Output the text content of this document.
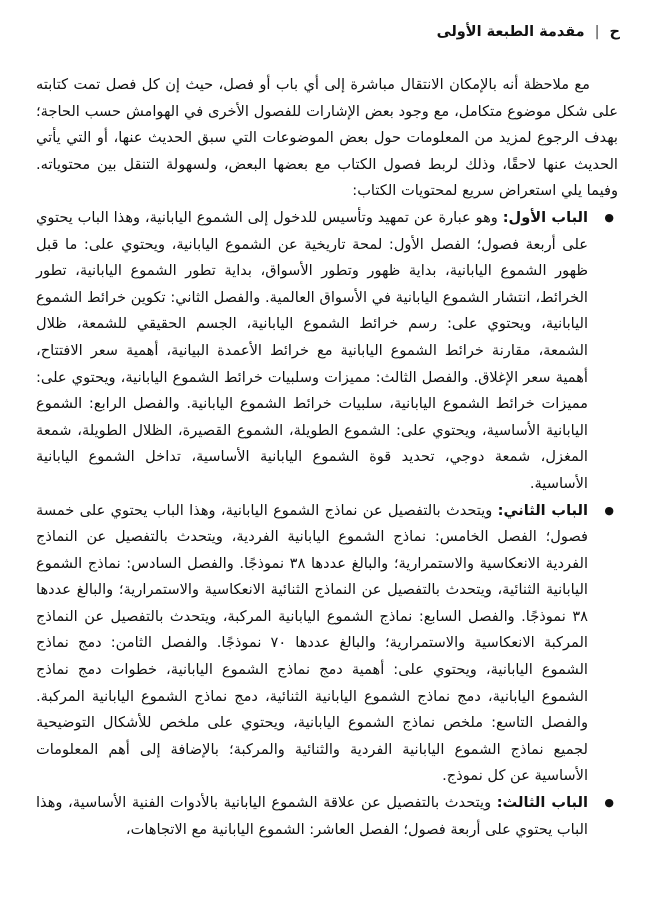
ح
|
مقدمة الطبعة الأولى

مع ملاحظة أنه بالإمكان الانتقال مباشرة إلى أي باب أو فصل، حيث إن كل فصل تمت كتابته على شكل موضوع متكامل، مع وجود بعض الإشارات للفصول الأخرى في الهوامش حسب الحاجة؛ بهدف الرجوع لمزيد من المعلومات حول بعض الموضوعات التي سبق الحديث عنها، أو التي يأتي الحديث عنها لاحقًا، وذلك لربط فصول الكتاب مع بعضها البعض، ولسهولة التنقل بين محتوياته. وفيما يلي استعراض سريع لمحتويات الكتاب:

● الباب الأول: وهو عبارة عن تمهيد وتأسيس للدخول إلى الشموع اليابانية، وهذا الباب يحتوي على أربعة فصول؛ الفصل الأول: لمحة تاريخية عن الشموع اليابانية، ويحتوي على: ما قبل ظهور الشموع اليابانية، بداية ظهور وتطور الأسواق، بداية تطور الشموع اليابانية، تطور الخرائط، انتشار الشموع اليابانية في الأسواق العالمية. والفصل الثاني: تكوين خرائط الشموع اليابانية، ويحتوي على: رسم خرائط الشموع اليابانية، الجسم الحقيقي للشمعة، ظلال الشمعة، مقارنة خرائط الشموع اليابانية مع خرائط الأعمدة البيانية، أهمية سعر الافتتاح، أهمية سعر الإغلاق. والفصل الثالث: مميزات وسلبيات خرائط الشموع اليابانية، ويحتوي على: مميزات خرائط الشموع اليابانية، سلبيات خرائط الشموع اليابانية. والفصل الرابع: الشموع اليابانية الأساسية، ويحتوي على: الشموع الطويلة، الشموع القصيرة، الظلال الطويلة، شمعة المغزل، شمعة دوجي، تحديد قوة الشموع اليابانية الأساسية، تداخل الشموع اليابانية الأساسية.
● الباب الثاني: ويتحدث بالتفصيل عن نماذج الشموع اليابانية، وهذا الباب يحتوي على خمسة فصول؛ الفصل الخامس: نماذج الشموع اليابانية الفردية، ويتحدث بالتفصيل عن النماذج الفردية الانعكاسية والاستمرارية؛ والبالغ عددها ٣٨ نموذجًا. والفصل السادس: نماذج الشموع اليابانية الثنائية، ويتحدث بالتفصيل عن النماذج الثنائية الانعكاسية والاستمرارية؛ والبالغ عددها ٣٨ نموذجًا. والفصل السابع: نماذج الشموع اليابانية المركبة، ويتحدث بالتفصيل عن النماذج المركبة الانعكاسية والاستمرارية؛ والبالغ عددها ٧٠ نموذجًا. والفصل الثامن: دمج نماذج الشموع اليابانية، ويحتوي على: أهمية دمج نماذج الشموع اليابانية، خطوات دمج نماذج الشموع اليابانية، دمج نماذج الشموع اليابانية الثنائية، دمج نماذج الشموع اليابانية المركبة. والفصل التاسع: ملخص نماذج الشموع اليابانية، ويحتوي على ملخص للأشكال التوضيحية لجميع نماذج الشموع اليابانية الفردية والثنائية والمركبة؛ بالإضافة إلى أهم المعلومات الأساسية عن كل نموذج.
● الباب الثالث: ويتحدث بالتفصيل عن علاقة الشموع اليابانية بالأدوات الفنية الأساسية، وهذا الباب يحتوي على أربعة فصول؛ الفصل العاشر: الشموع اليابانية مع الاتجاهات،
